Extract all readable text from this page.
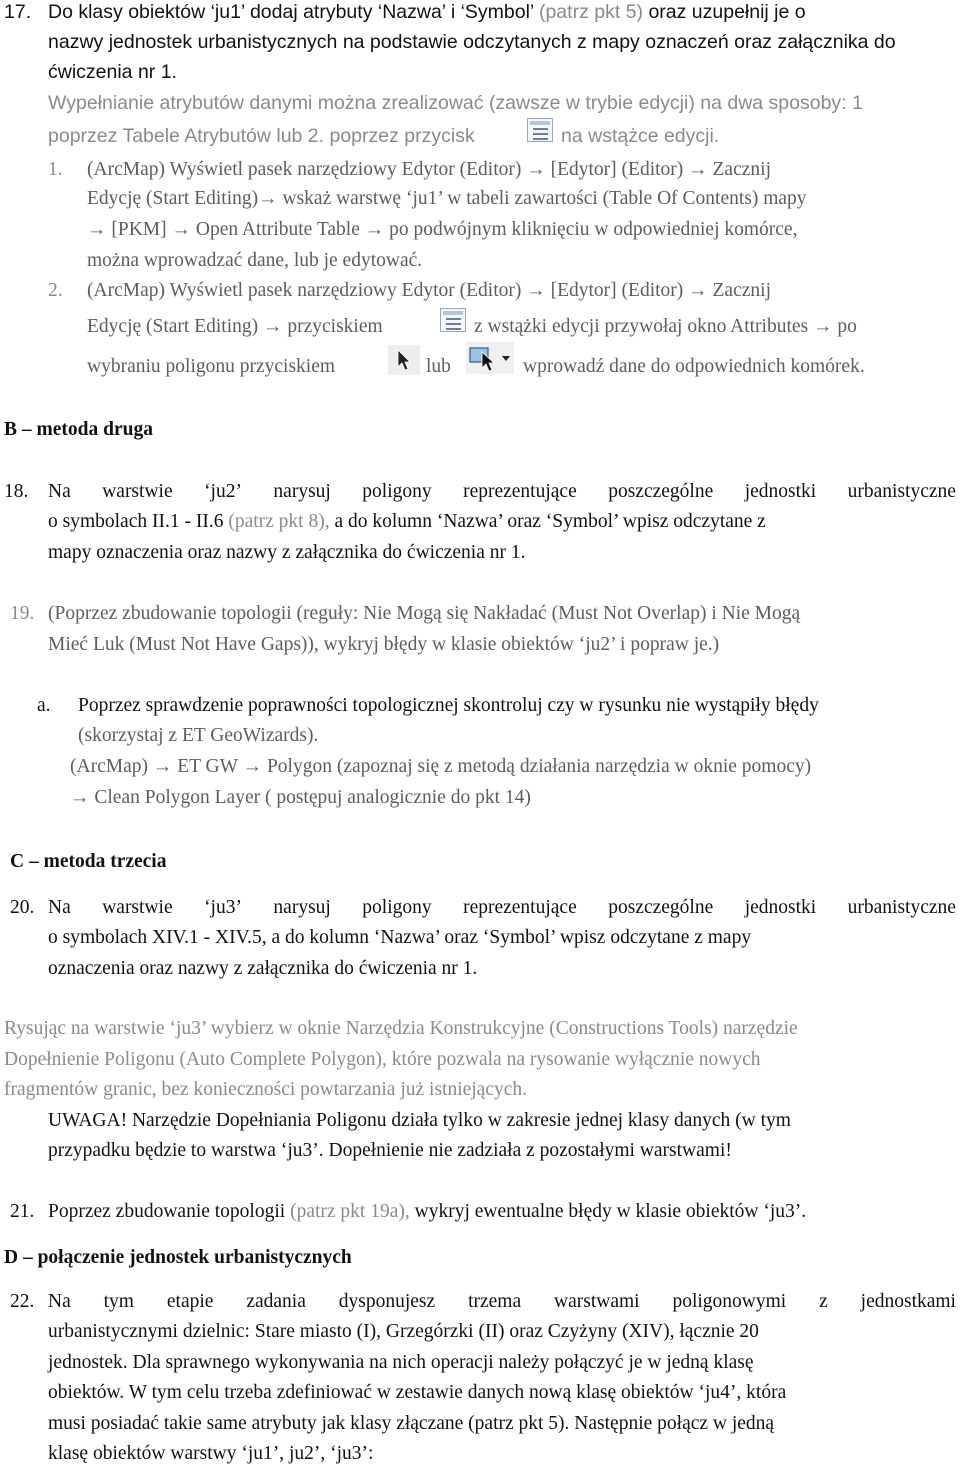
17. Do klasy obiektów ‘ju1’ dodaj atrybuty ‘Nazwa’ i ‘Symbol’ (patrz pkt 5) oraz uzupełnij je o
nazwy jednostek urbanistycznych na podstawie odczytanych z mapy oznaczeń oraz załącznika do
ćwiczenia nr 1.
Wypełnianie atrybutów danymi można zrealizować (zawsze w trybie edycji) na dwa sposoby: 1
poprzez Tabele Atrybutów lub 2. poprzez przycisk	na wstążce edycji.
1. (ArcMap) Wyświetl pasek narzędziowy Edytor (Editor) → [Edytor] (Editor) → Zacznij
Edycję (Start Editing)→ wskaż warstwę ‘ju1’ w tabeli zawartości (Table Of Contents) mapy
→ [PKM] → Open Attribute Table → po podwójnym kliknięciu w odpowiedniej komórce,
można wprowadzać dane, lub je edytować.
2. (ArcMap) Wyświetl pasek narzędziowy Edytor (Editor) → [Edytor] (Editor) → Zacznij
Edycję (Start Editing) → przyciskiem	z wstążki edycji przywołaj okno Attributes → po
wybraniu poligonu przyciskiem	lub	wprowadź dane do odpowiednich komórek.
B – metoda druga
18. Na warstwie ‘ju2’ narysuj poligony reprezentujące poszczególne jednostki urbanistyczne
o symbolach II.1 - II.6 (patrz pkt 8), a do kolumn ‘Nazwa’ oraz ‘Symbol’ wpisz odczytane z
mapy oznaczenia oraz nazwy z załącznika do ćwiczenia nr 1.
19. (Poprzez zbudowanie topologii (reguły: Nie Mogą się Nakładać (Must Not Overlap) i Nie Mogą
Mieć Luk (Must Not Have Gaps)), wykryj błędy w klasie obiektów ‘ju2’ i popraw je.)
a. Poprzez sprawdzenie poprawności topologicznej skontroluj czy w rysunku nie wystąpiły błędy
(skorzystaj z ET GeoWizards).
(ArcMap) → ET GW → Polygon (zapoznaj się z metodą działania narzędzia w oknie pomocy)
→ Clean Polygon Layer ( postępuj analogicznie do pkt 14)
C – metoda trzecia
20. Na warstwie ‘ju3’ narysuj poligony reprezentujące poszczególne jednostki urbanistyczne
o symbolach XIV.1 - XIV.5, a do kolumn ‘Nazwa’ oraz ‘Symbol’ wpisz odczytane z mapy
oznaczenia oraz nazwy z załącznika do ćwiczenia nr 1.
Rysując na warstwie ‘ju3’ wybierz w oknie Narzędzia Konstrukcyjne (Constructions Tools) narzędzie
Dopełnienie Poligonu (Auto Complete Polygon), które pozwala na rysowanie wyłącznie nowych
fragmentów granic, bez konieczności powtarzania już istniejących.
UWAGA! Narzędzie Dopełniania Poligonu działa tylko w zakresie jednej klasy danych (w tym
przypadku będzie to warstwa ‘ju3’. Dopełnienie nie zadziała z pozostałymi warstwami!
21. Poprzez zbudowanie topologii (patrz pkt 19a), wykryj ewentualne błędy w klasie obiektów ‘ju3’.
D – połączenie jednostek urbanistycznych
22. Na tym etapie zadania dysponujesz trzema warstwami poligonowymi z jednostkami
urbanistycznymi dzielnic: Stare miasto (I), Grzegórzki (II) oraz Czyżyny (XIV), łącznie 20
jednostek. Dla sprawnego wykonywania na nich operacji należy połączyć je w jedną klasę
obiektów. W tym celu trzeba zdefiniować w zestawie danych nową klasę obiektów ‘ju4’, która
musi posiadać takie same atrybuty jak klasy złączane (patrz pkt 5). Następnie połącz w jedną
klasę obiektów warstwy ‘ju1’, ju2’, ‘ju3’:
